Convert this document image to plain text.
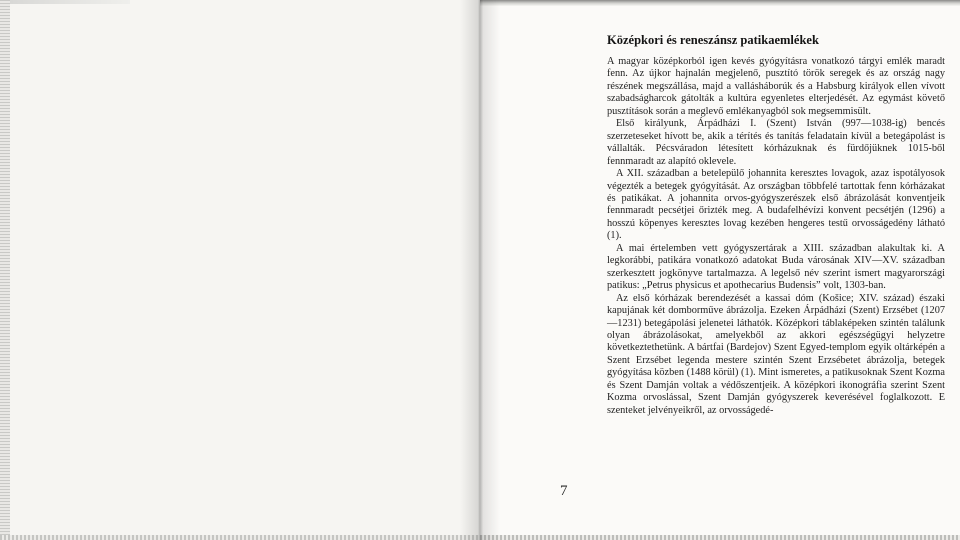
7
Középkori és reneszánsz patikaemlékek

A magyar középkorból igen kevés gyógyításra vonatkozó tárgyi emlék maradt fenn. Az újkor hajnalán megjelenő, pusztító török seregek és az ország nagy részének megszállása, majd a vallásháborúk és a Habsburg királyok ellen vívott szabadságharcok gátolták a kultúra egyenletes elterjedését. Az egymást követő pusztítások során a meglevő emlékanyagból sok megsemmisült.

Első királyunk, Árpádházi I. (Szent) István (997—1038-ig) bencés szerzeteseket hívott be, akik a térítés és tanítás feladatain kívül a betegápolást is vállalták. Pécsváradon létesített kórházuknak és fürdőjüknek 1015-ből fennmaradt az alapító oklevele.

A XII. században a betelepülő johannita keresztes lovagok, azaz ispotályosok végezték a betegek gyógyítását. Az országban többfelé tartottak fenn kórházakat és patikákat. A johannita orvos-gyógyszerészek első ábrázolását konventjeik fennmaradt pecsétjei őrizték meg. A budafelhévízi konvent pecsétjén (1296) a hosszú köpenyes keresztes lovag kezében hengeres testű orvosságedény látható (1).

A mai értelemben vett gyógyszertárak a XIII. században alakultak ki. A legkorábbi, patikára vonatkozó adatokat Buda városának XIV—XV. században szerkesztett jogkönyve tartalmazza. A legelső név szerint ismert magyarországi patikus: „Petrus physicus et apothecarius Budensis” volt, 1303-ban.

Az első kórházak berendezését a kassai dóm (Košice; XIV. század) északi kapujának két domborműve ábrázolja. Ezeken Árpádházi (Szent) Erzsébet (1207—1231) betegápolási jelenetei láthatók. Középkori táblaképeken szintén találunk olyan ábrázolásokat, amelyekből az akkori egészségügyi helyzetre következtethetünk. A bártfai (Bardejov) Szent Egyed-templom egyik oltárképén a Szent Erzsébet legenda mestere szintén Szent Erzsébetet ábrázolja, betegek gyógyítása közben (1488 körül) (1). Mint ismeretes, a patikusoknak Szent Kozma és Szent Damján voltak a védőszentjeik. A középkori ikonográfia szerint Szent Kozma orvoslással, Szent Damján gyógyszerek keverésével foglalkozott. E szenteket jelvényeikről, az orvosságedé-
